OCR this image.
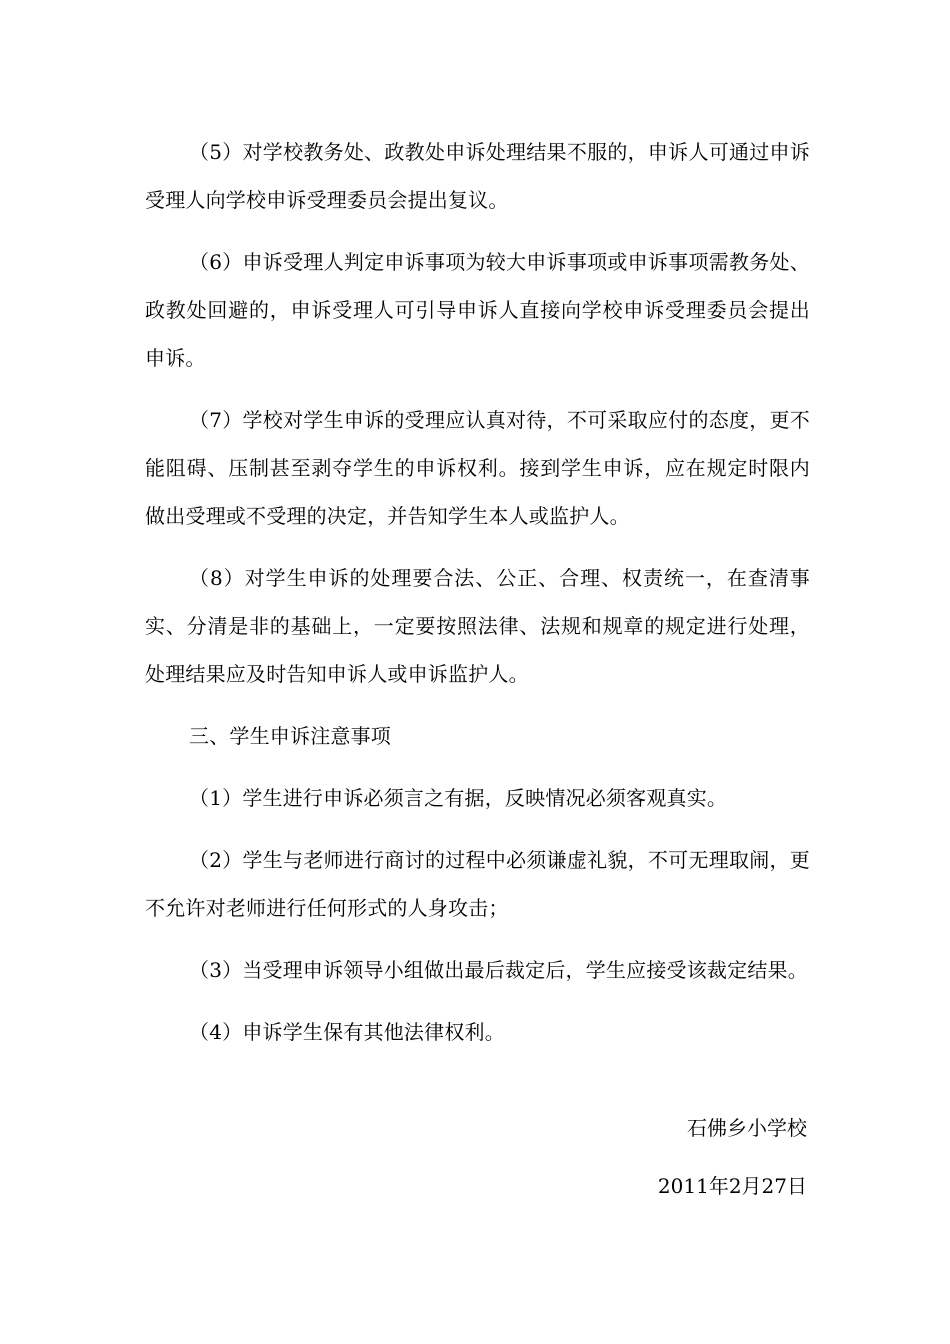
（5）对学校教务处、政教处申诉处理结果不服的，申诉人可通过申诉受理人向学校申诉受理委员会提出复议。

（6）申诉受理人判定申诉事项为较大申诉事项或申诉事项需教务处、政教处回避的，申诉受理人可引导申诉人直接向学校申诉受理委员会提出申诉。

（7）学校对学生申诉的受理应认真对待，不可采取应付的态度，更不能阻碍、压制甚至剥夺学生的申诉权利。接到学生申诉，应在规定时限内做出受理或不受理的决定，并告知学生本人或监护人。

（8）对学生申诉的处理要合法、公正、合理、权责统一，在查清事实、分清是非的基础上，一定要按照法律、法规和规章的规定进行处理，处理结果应及时告知申诉人或申诉监护人。

三、学生申诉注意事项

（1）学生进行申诉必须言之有据，反映情况必须客观真实。

（2）学生与老师进行商讨的过程中必须谦虚礼貌，不可无理取闹，更不允许对老师进行任何形式的人身攻击；

（3）当受理申诉领导小组做出最后裁定后，学生应接受该裁定结果。

（4）申诉学生保有其他法律权利。

石佛乡小学校
2011年2月27日
